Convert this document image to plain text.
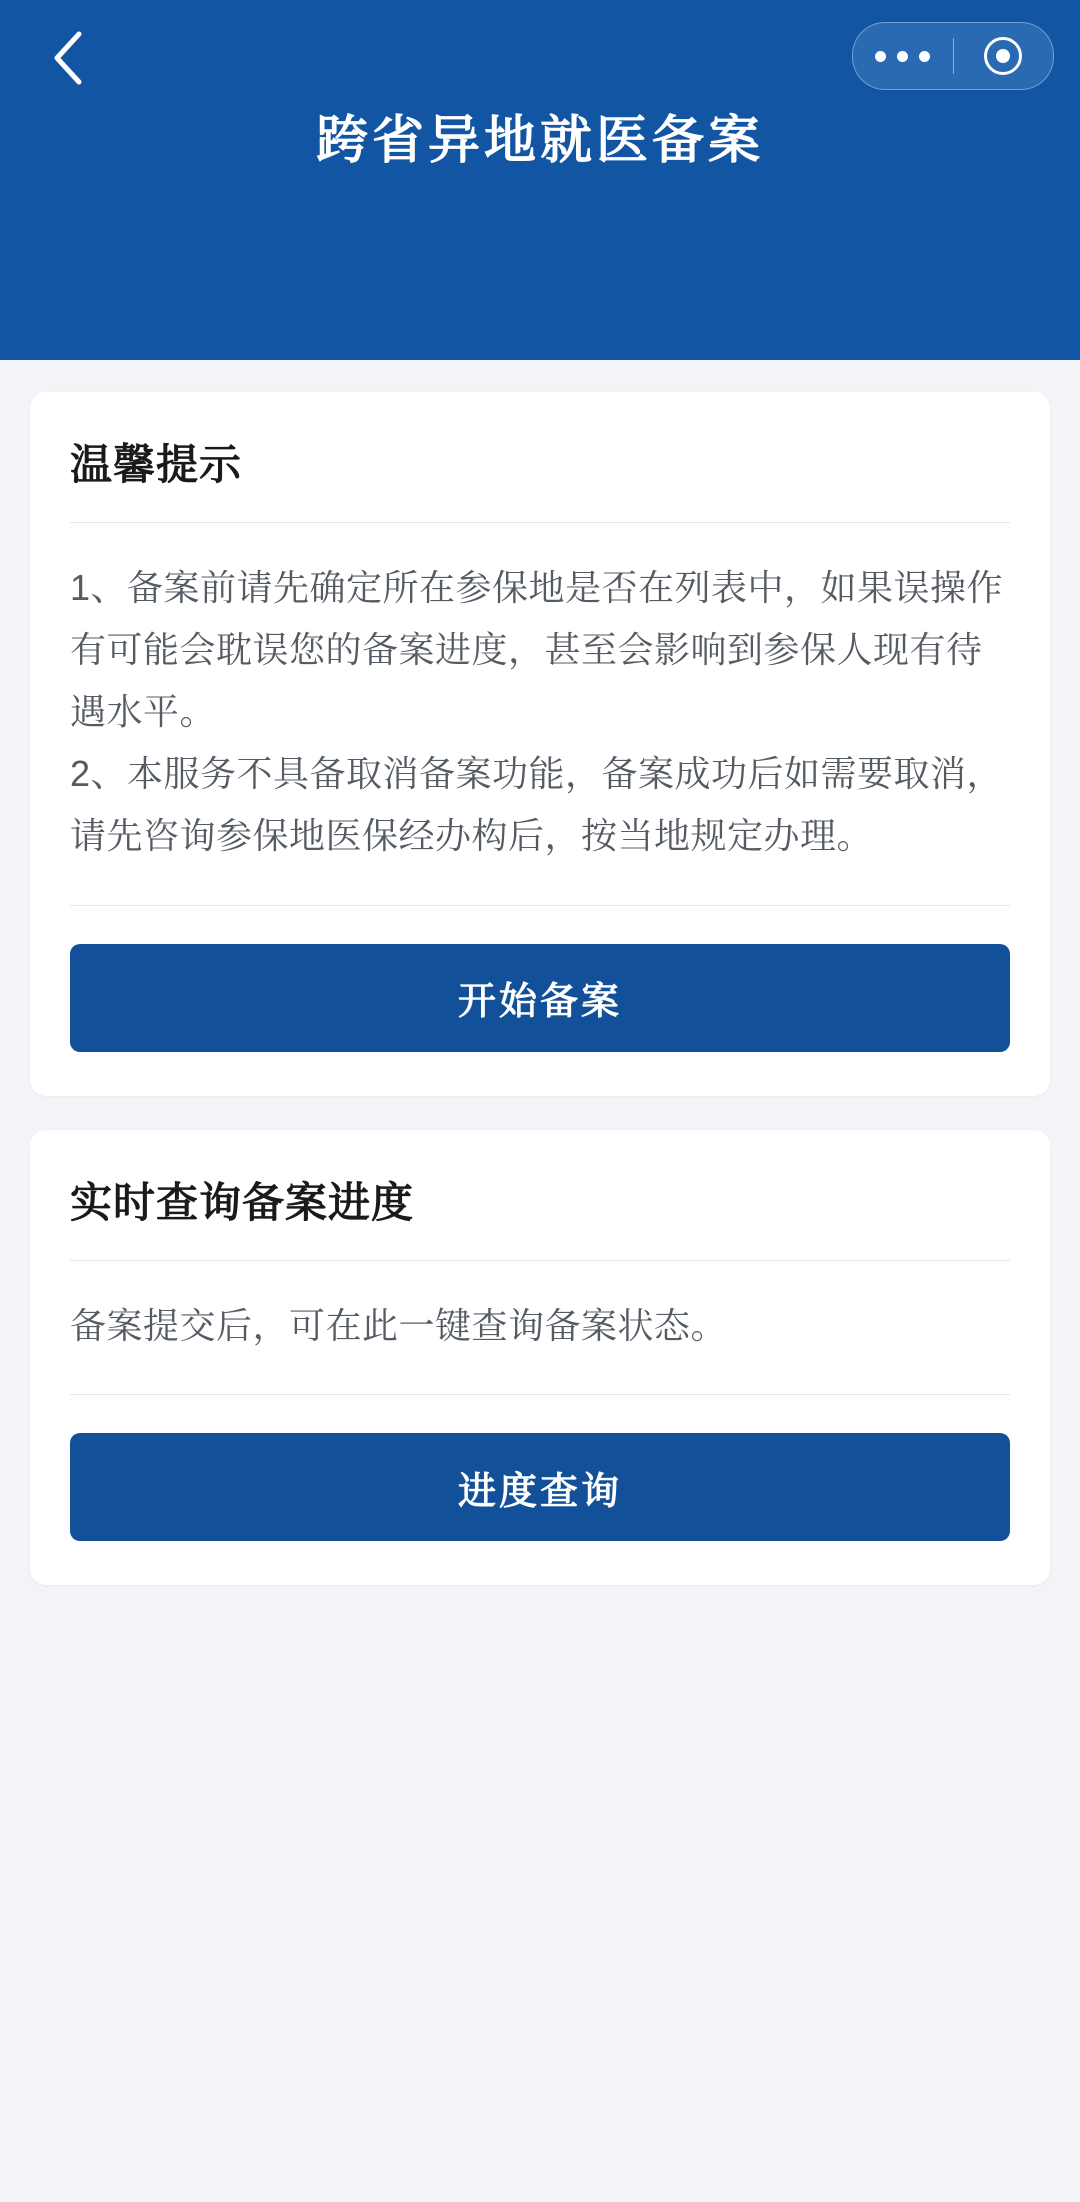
跨省异地就医备案
温馨提示

1、备案前请先确定所在参保地是否在列表中，如果误操作有可能会耽误您的备案进度，甚至会影响到参保人现有待遇水平。

2、本服务不具备取消备案功能，备案成功后如需要取消，请先咨询参保地医保经办构后，按当地规定办理。

开始备案
实时查询备案进度

备案提交后，可在此一键查询备案状态。

进度查询
